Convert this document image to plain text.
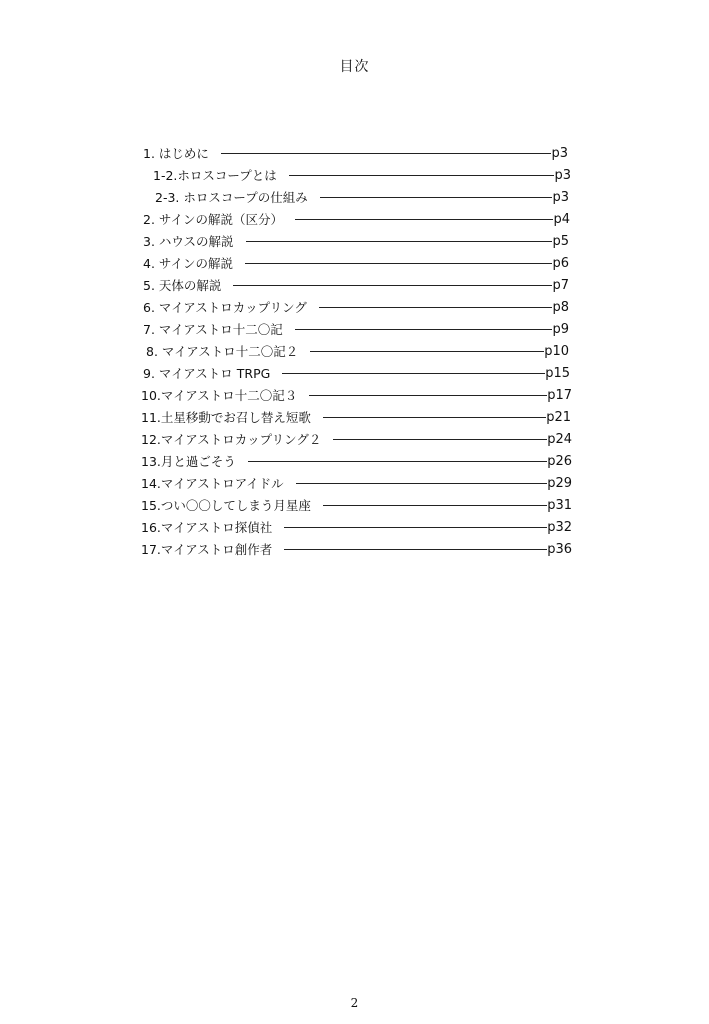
目次
1. はじめに	p3
1-2.ホロスコープとは	p3
2-3. ホロスコープの仕組み	p3
2. サインの解説（区分）	p4
3. ハウスの解説	p5
4. サインの解説	p6
5. 天体の解説	p7
6. マイアストロカップリング	p8
7. マイアストロ十二〇記	p9
8. マイアストロ十二〇記２	p10
9. マイアストロ TRPG	p15
10.マイアストロ十二〇記３	p17
11.土星移動でお召し替え短歌	p21
12.マイアストロカップリング２	p24
13.月と過ごそう	p26
14.マイアストロアイドル	p29
15.つい〇〇してしまう月星座	p31
16.マイアストロ探偵社	p32
17.マイアストロ創作者	p36
2
